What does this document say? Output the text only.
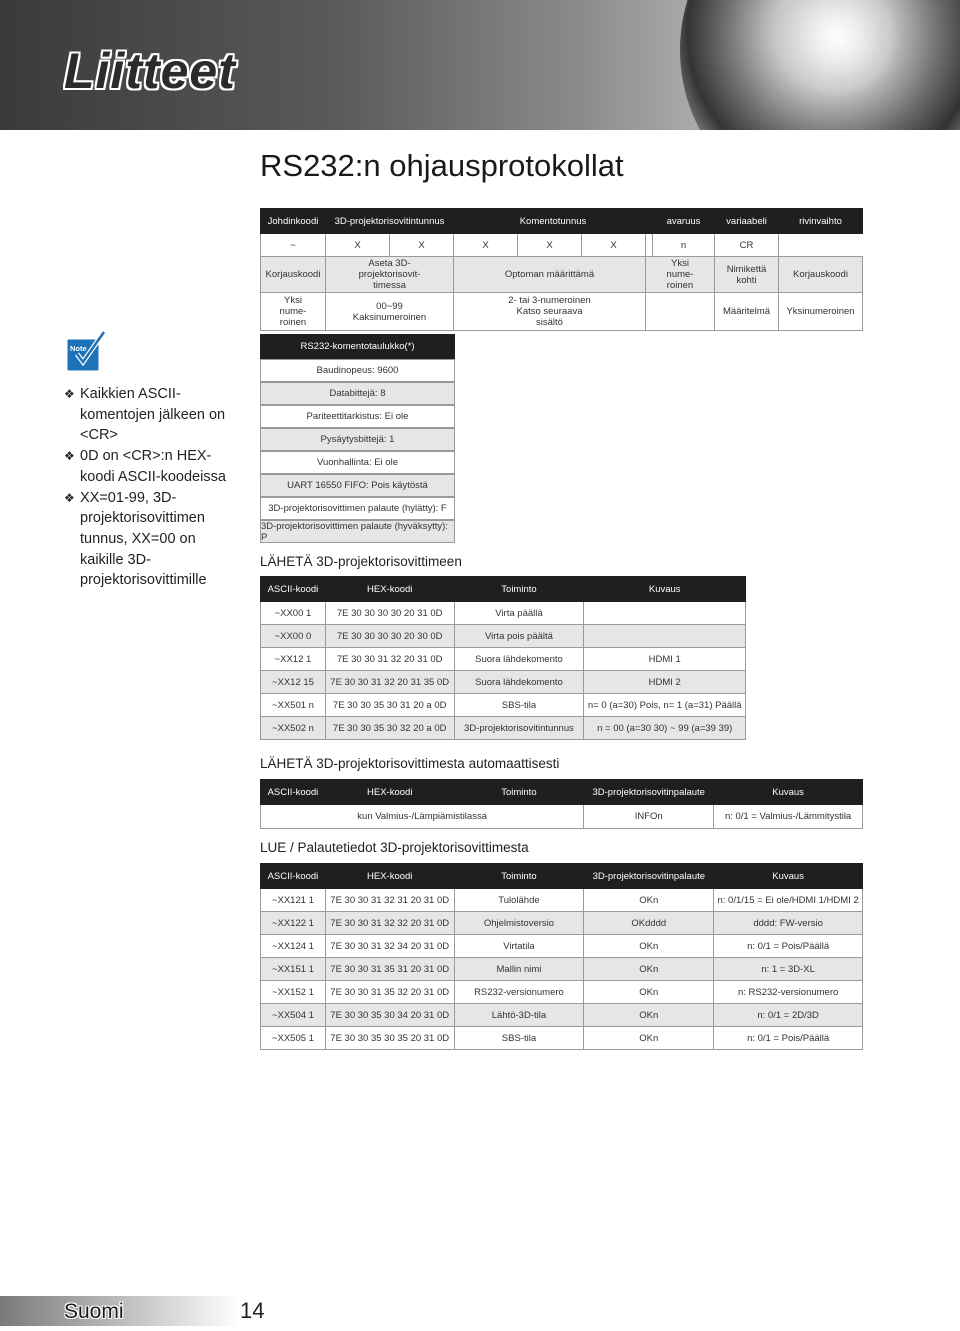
Liitteet
RS232:n ohjausprotokollat
Johdinkoodi	3D-projektorisovitintunnus		Komentotunnus				avaruus	variaabeli	rivinvaihto
~	X	X	X	X	X		n	CR	
Korjauskoodi	Aseta 3D-projektorisovit-timessa		Optoman määrittämä			Yksi nume-roinen		Nimikettä kohti	Korjauskoodi
Yksi nume-roinen	00~99 Kaksinumeroinen		2- tai 3-numeroinen Katso seuraava sisältö					Määritelmä	Yksinumeroinen
Note
❖ Kaikkien ASCII-komentojen jälkeen on <CR>
❖ 0D on <CR>:n HEX-koodi ASCII-koodeissa
❖ XX=01-99, 3D-projektorisovittimen tunnus, XX=00 on kaikille 3D-projektorisovittimille
RS232-komentotaulukko(*)
Baudinopeus: 9600
Databittejä: 8
Pariteettitarkistus: Ei ole
Pysäytysbittejä: 1
Vuonhallinta: Ei ole
UART 16550 FIFO: Pois käytöstä
3D-projektorisovittimen palaute (hylätty): F
3D-projektorisovittimen palaute (hyväksytty): P
LÄHETÄ 3D-projektorisovittimeen
ASCII-koodi	HEX-koodi	Toiminto	Kuvaus
~XX00 1	7E 30 30 30 30 20 31 0D	Virta päällä	
~XX00 0	7E 30 30 30 30 20 30 0D	Virta pois päältä	
~XX12 1	7E 30 30 31 32 20 31 0D	Suora lähdekomento	HDMI 1
~XX12 15	7E 30 30 31 32 20 31 35 0D	Suora lähdekomento	HDMI 2
~XX501 n	7E 30 30 35 30 31 20 a 0D	SBS-tila	n= 0 (a=30) Pois, n= 1 (a=31) Päällä
~XX502 n	7E 30 30 35 30 32 20 a 0D	3D-projektorisovitintunnus	n = 00 (a=30 30) ~ 99 (a=39 39)
LÄHETÄ 3D-projektorisovittimesta automaattisesti
ASCII-koodi	HEX-koodi	Toiminto	3D-projektorisovitinpalaute	Kuvaus
kun Valmius-/Lämpiämistilassa			INFOn	n: 0/1 = Valmius-/Lämmitystila
LUE / Palautetiedot 3D-projektorisovittimesta
ASCII-koodi	HEX-koodi	Toiminto	3D-projektorisovitinpalaute	Kuvaus
~XX121 1	7E 30 30 31 32 31 20 31 0D	Tulolähde	OKn	n: 0/1/15 = Ei ole/HDMI 1/HDMI 2
~XX122 1	7E 30 30 31 32 32 20 31 0D	Ohjelmistoversio	OKdddd	dddd: FW-versio
~XX124 1	7E 30 30 31 32 34 20 31 0D	Virtatila	OKn	n: 0/1 = Pois/Päällä
~XX151 1	7E 30 30 31 35 31 20 31 0D	Mallin nimi	OKn	n: 1 = 3D-XL
~XX152 1	7E 30 30 31 35 32 20 31 0D	RS232-versionumero	OKn	n: RS232-versionumero
~XX504 1	7E 30 30 35 30 34 20 31 0D	Lähtö-3D-tila	OKn	n: 0/1 = 2D/3D
~XX505 1	7E 30 30 35 30 35 20 31 0D	SBS-tila	OKn	n: 0/1 = Pois/Päällä
Suomi	14
